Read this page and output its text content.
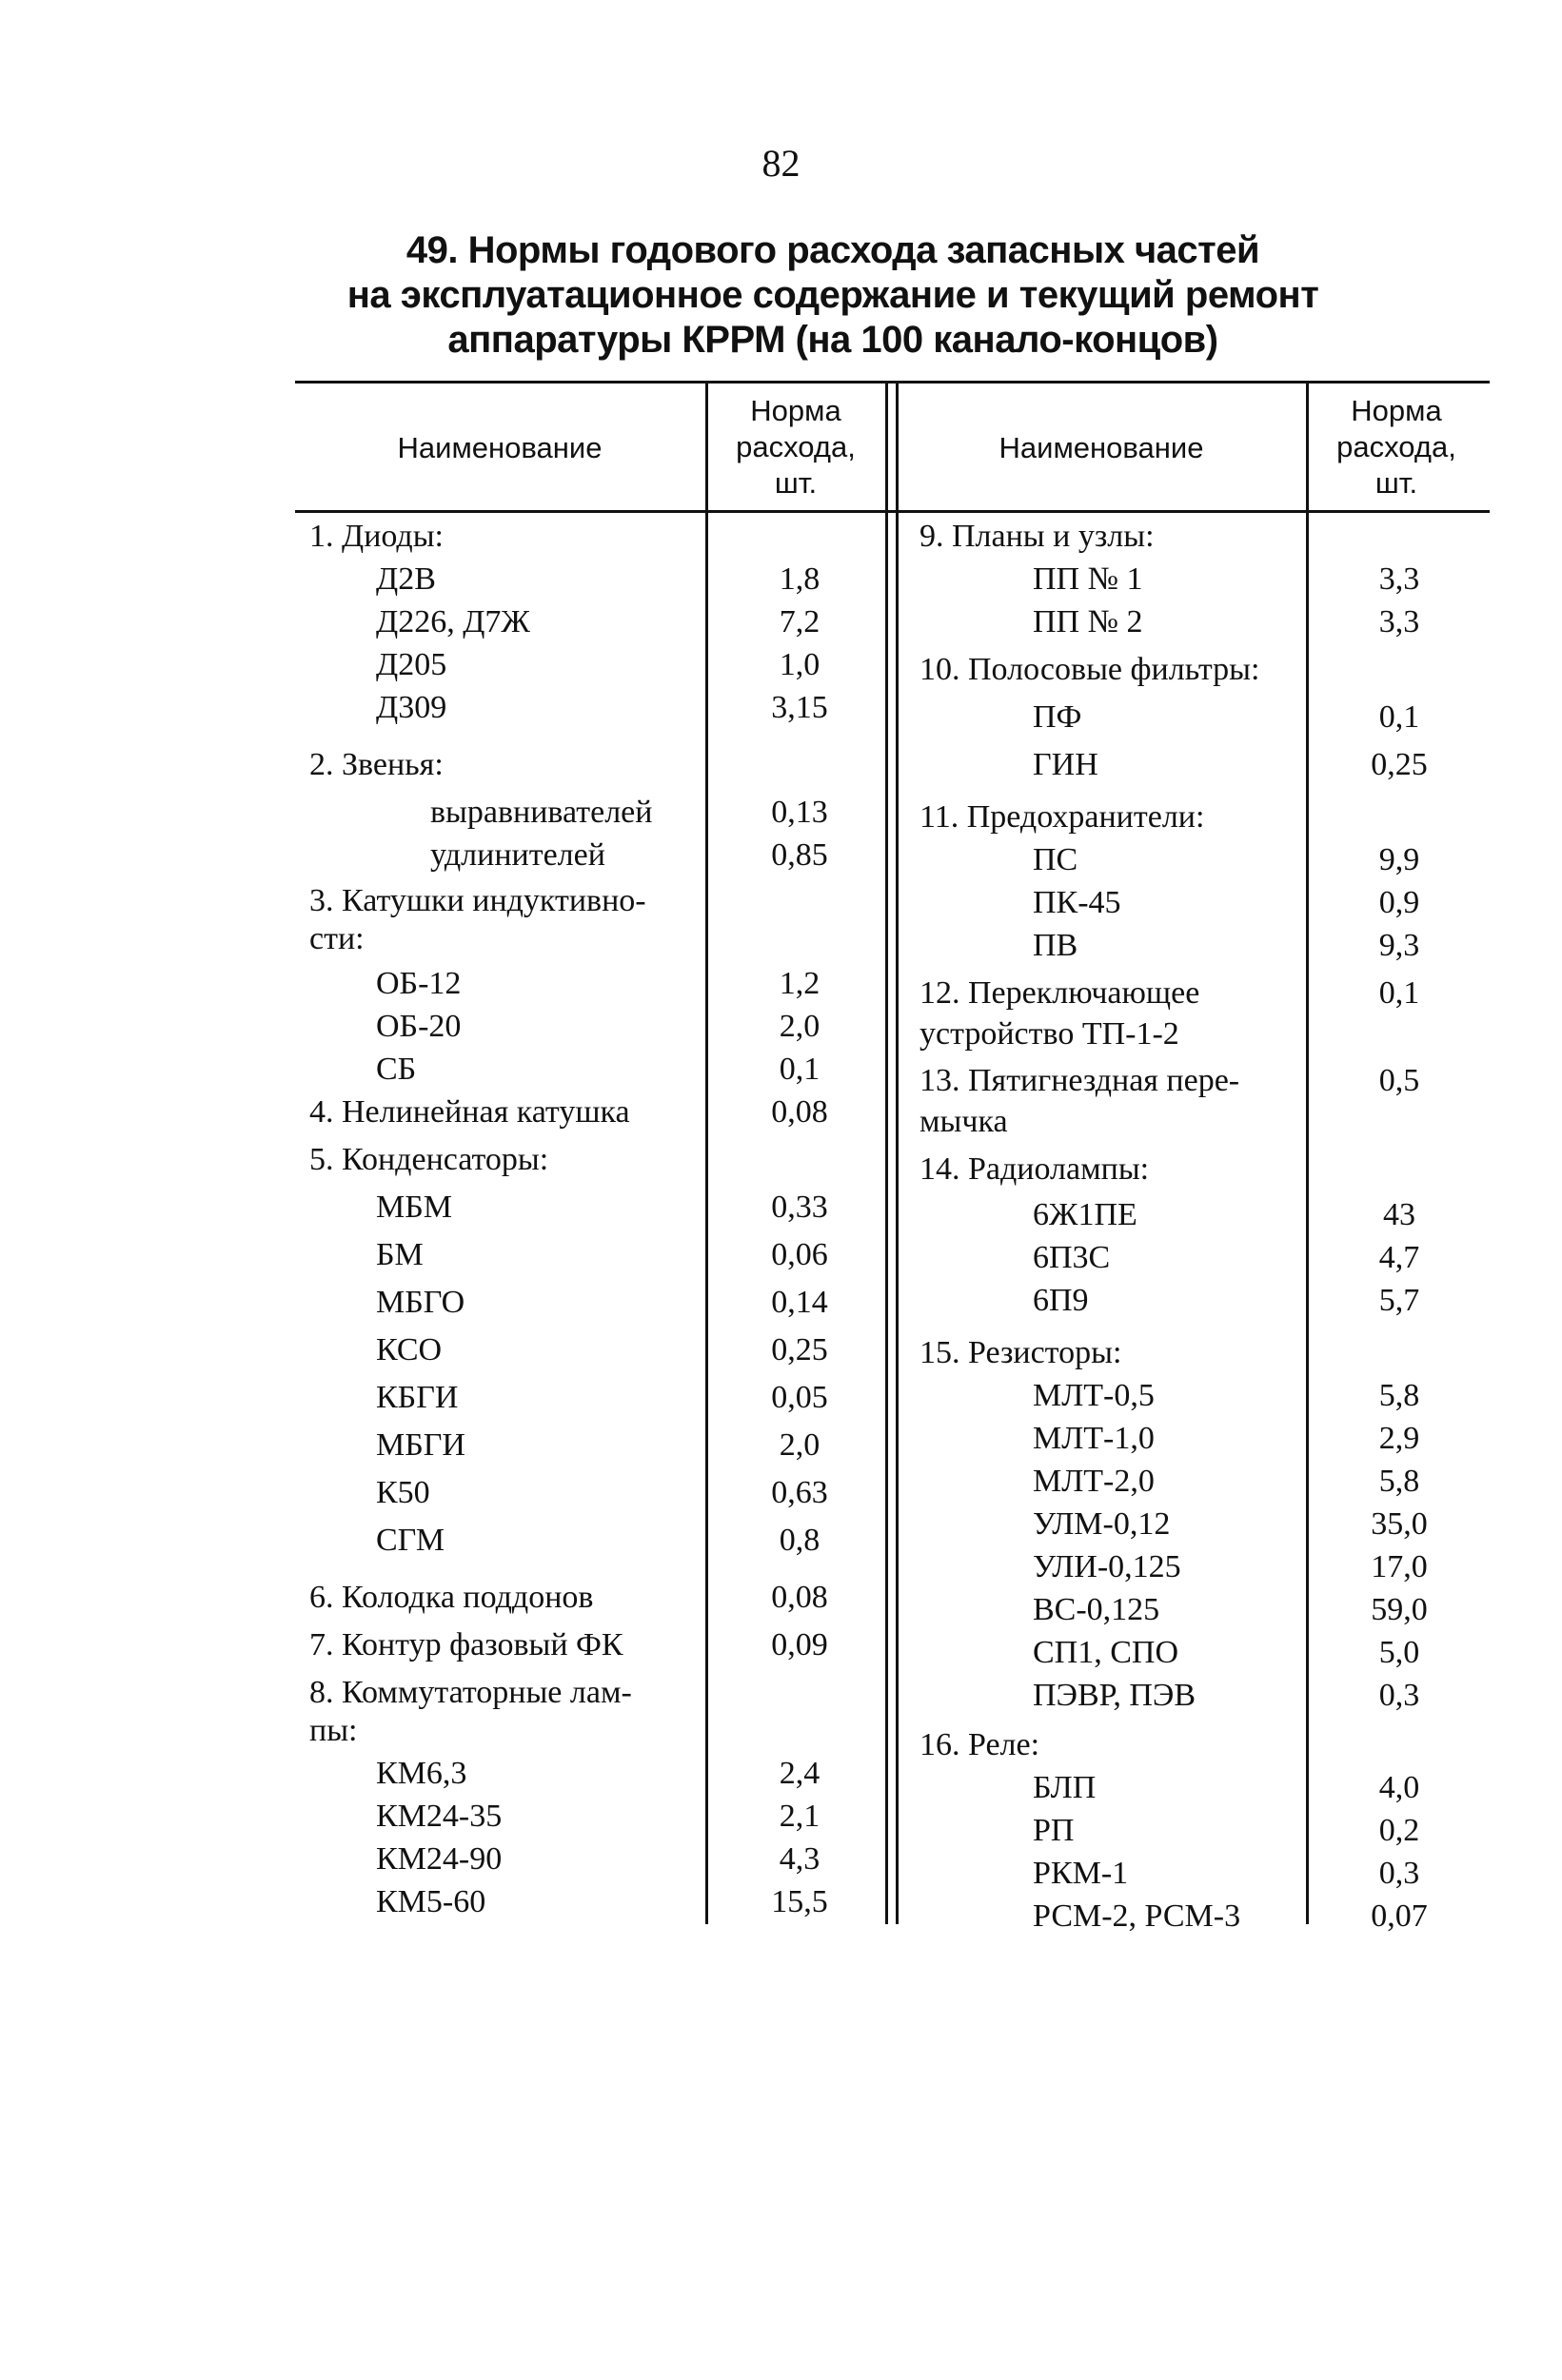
82
49. Нормы годового расхода запасных частей
на эксплуатационное содержание и текущий ремонт
аппаратуры КРРМ (на 100 канало-концов)
Наименование
Норма
расхода,
шт.
Наименование
Норма
расхода,
шт.
1. Диоды:
Д2В	1,8
Д226, Д7Ж	7,2
Д205	1,0
Д309	3,15
2. Звенья:
выравнивателей	0,13
удлинителей	0,85
3. Катушки индуктивно-
сти:
ОБ-12	1,2
ОБ-20	2,0
СБ	0,1
4. Нелинейная катушка	0,08
5. Конденсаторы:
МБМ	0,33
БМ	0,06
МБГО	0,14
КСО	0,25
КБГИ	0,05
МБГИ	2,0
К50	0,63
СГМ	0,8
6. Колодка поддонов	0,08
7. Контур фазовый ФК	0,09
8. Коммутаторные лам-
пы:
КМ6,3	2,4
КМ24-35	2,1
КМ24-90	4,3
КМ5-60	15,5
9. Планы и узлы:
ПП № 1	3,3
ПП № 2	3,3
10. Полосовые фильтры:
ПФ	0,1
ГИН	0,25
11. Предохранители:
ПС	9,9
ПК-45	0,9
ПВ	9,3
12. Переключающее	0,1
устройство ТП-1-2
13. Пятигнездная пере-	0,5
мычка
14. Радиолампы:
6Ж1ПЕ	43
6П3С	4,7
6П9	5,7
15. Резисторы:
МЛТ-0,5	5,8
МЛТ-1,0	2,9
МЛТ-2,0	5,8
УЛМ-0,12	35,0
УЛИ-0,125	17,0
ВС-0,125	59,0
СП1, СПО	5,0
ПЭВР, ПЭВ	0,3
16. Реле:
БЛП	4,0
РП	0,2
РКМ-1	0,3
РСМ-2, РСМ-3	0,07
